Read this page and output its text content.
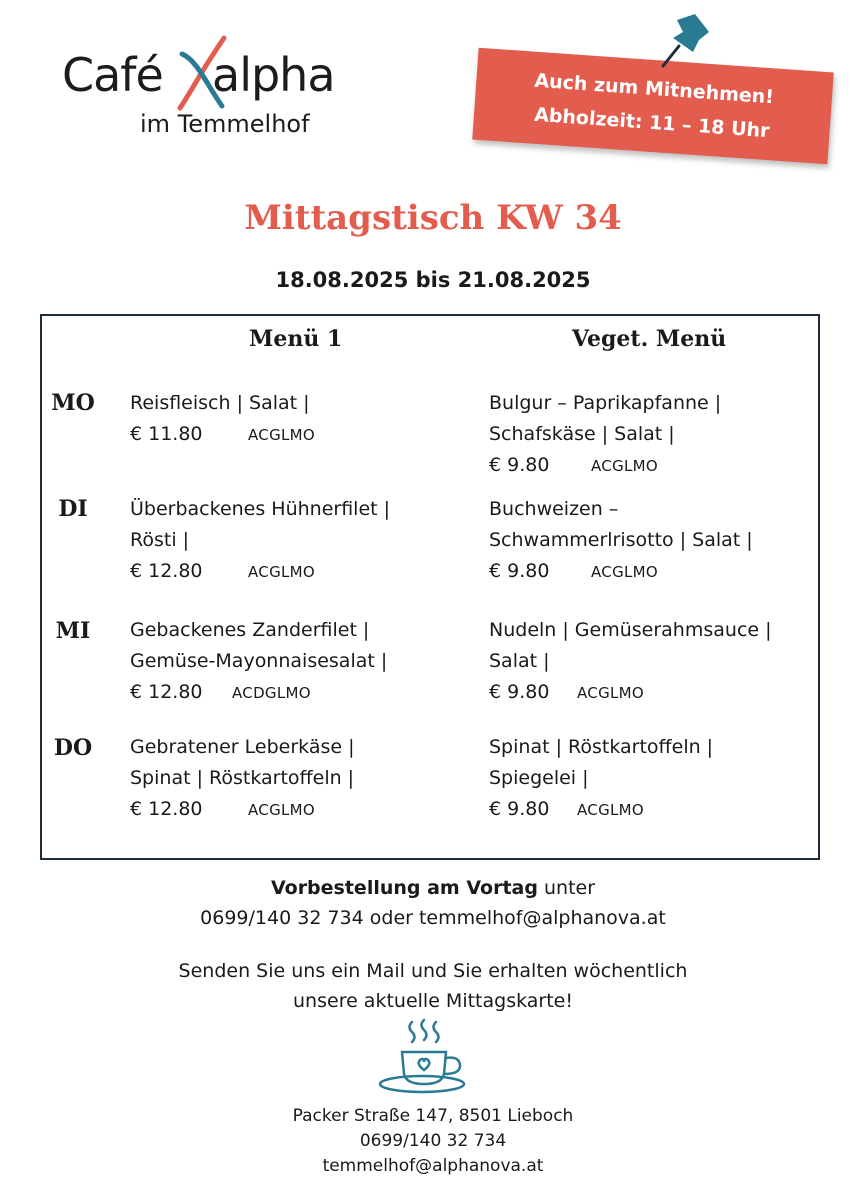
Café alpha
im Temmelhof
Auch zum Mitnehmen!
Abholzeit: 11 – 18 Uhr
Mittagstisch KW 34
18.08.2025 bis 21.08.2025
Menü 1	Veget. Menü
MO Reisfleisch | Salat |
€ 11.80	ACGLMO
Bulgur – Paprikapfanne |
Schafskäse | Salat |
€ 9.80	ACGLMO
DI	Überbackenes Hühnerfilet |
Rösti |
€ 12.80	ACGLMO
Buchweizen –
Schwammerlrisotto | Salat |
€ 9.80	ACGLMO
MI	Gebackenes Zanderfilet |
Gemüse-Mayonnaisesalat |
€ 12.80 ACDGLMO
Nudeln | Gemüserahmsauce |
Salat |
€ 9.80 ACGLMO
DO	Gebratener Leberkäse |
Spinat | Röstkartoffeln |
€ 12.80	ACGLMO
Spinat | Röstkartoffeln |
Spiegelei |
€ 9.80 ACGLMO
Vorbestellung am Vortag unter
0699/140 32 734 oder temmelhof@alphanova.at
Senden Sie uns ein Mail und Sie erhalten wöchentlich
unsere aktuelle Mittagskarte!
Packer Straße 147, 8501 Lieboch
0699/140 32 734
temmelhof@alphanova.at
